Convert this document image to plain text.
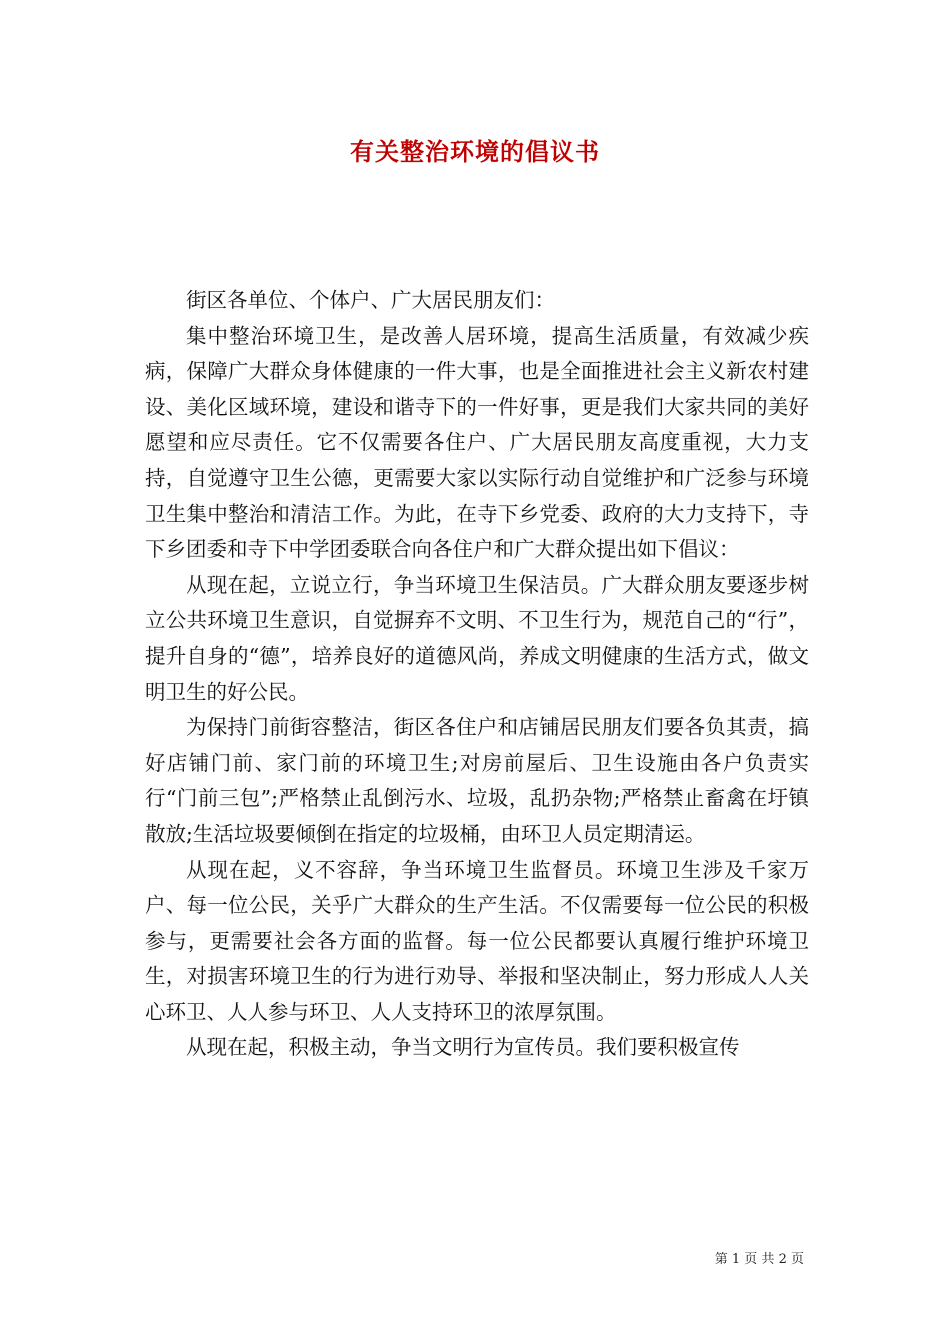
有关整治环境的倡议书

街区各单位、个体户、广大居民朋友们：

集中整治环境卫生，是改善人居环境，提高生活质量，有效减少疾病，保障广大群众身体健康的一件大事，也是全面推进社会主义新农村建设、美化区域环境，建设和谐寺下的一件好事，更是我们大家共同的美好愿望和应尽责任。它不仅需要各住户、广大居民朋友高度重视，大力支持，自觉遵守卫生公德，更需要大家以实际行动自觉维护和广泛参与环境卫生集中整治和清洁工作。为此，在寺下乡党委、政府的大力支持下，寺下乡团委和寺下中学团委联合向各住户和广大群众提出如下倡议：

从现在起，立说立行，争当环境卫生保洁员。广大群众朋友要逐步树立公共环境卫生意识，自觉摒弃不文明、不卫生行为，规范自己的“行”，提升自身的“德”，培养良好的道德风尚，养成文明健康的生活方式，做文明卫生的好公民。

为保持门前街容整洁，街区各住户和店铺居民朋友们要各负其责，搞好店铺门前、家门前的环境卫生;对房前屋后、卫生设施由各户负责实行“门前三包”;严格禁止乱倒污水、垃圾，乱扔杂物;严格禁止畜禽在圩镇散放;生活垃圾要倾倒在指定的垃圾桶，由环卫人员定期清运。

从现在起，义不容辞，争当环境卫生监督员。环境卫生涉及千家万户、每一位公民，关乎广大群众的生产生活。不仅需要每一位公民的积极参与，更需要社会各方面的监督。每一位公民都要认真履行维护环境卫生，对损害环境卫生的行为进行劝导、举报和坚决制止，努力形成人人关心环卫、人人参与环卫、人人支持环卫的浓厚氛围。

从现在起，积极主动，争当文明行为宣传员。我们要积极宣传

第 1 页 共 2 页
